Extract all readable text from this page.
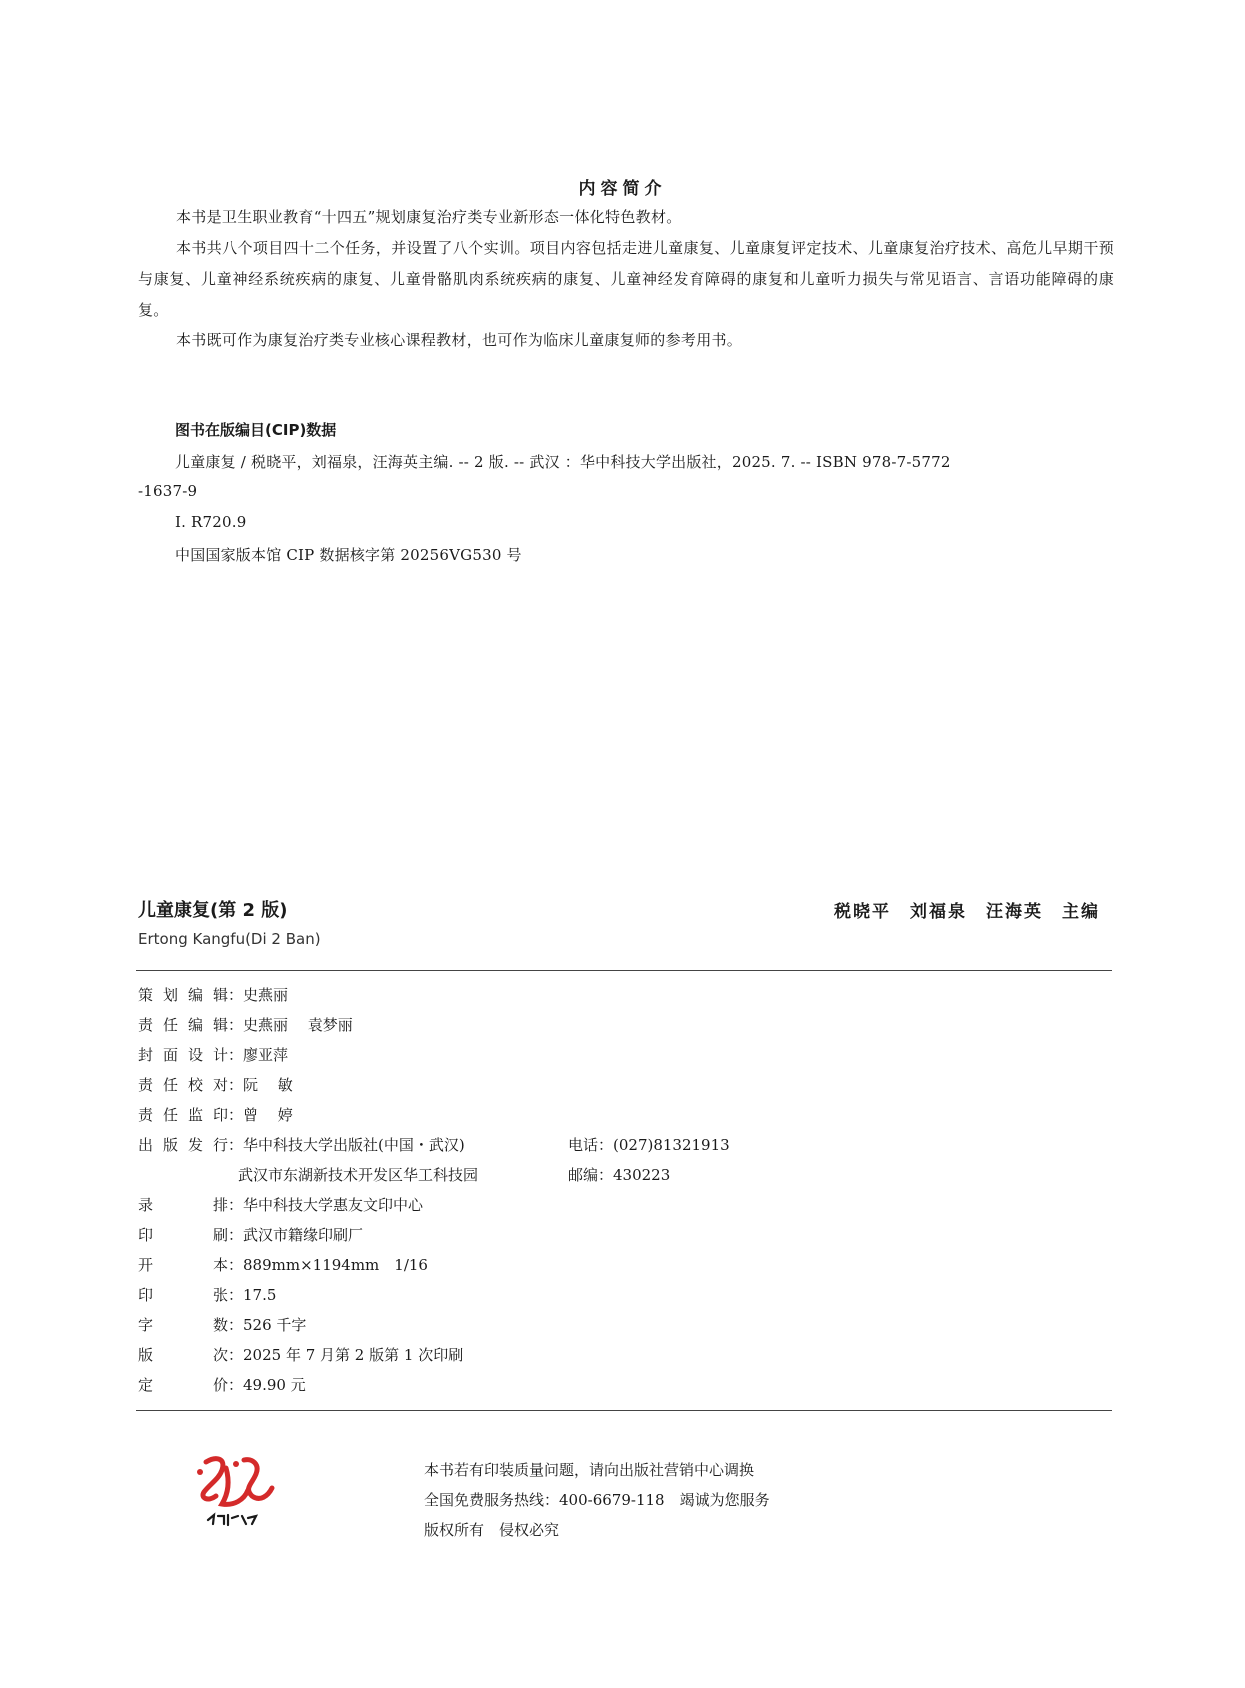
内容简介
本书是卫生职业教育“十四五”规划康复治疗类专业新形态一体化特色教材。
本书共八个项目四十二个任务，并设置了八个实训。项目内容包括走进儿童康复、儿童康复评定技术、儿童康复治疗技术、高危儿早期干预与康复、儿童神经系统疾病的康复、儿童骨骼肌肉系统疾病的康复、儿童神经发育障碍的康复和儿童听力损失与常见语言、言语功能障碍的康复。
本书既可作为康复治疗类专业核心课程教材，也可作为临床儿童康复师的参考用书。
图书在版编目(CIP)数据
儿童康复 / 税晓平，刘福泉，汪海英主编. -- 2 版. -- 武汉 ：华中科技大学出版社，2025. 7. -- ISBN 978-7-5772
-1637-9
Ⅰ. R720.9
中国国家版本馆 CIP 数据核字第 20256VG530 号
儿童康复(第 2 版)
Ertong Kangfu(Di 2 Ban)
税晓平　刘福泉　汪海英　主编
策划编辑：史燕丽
责任编辑：史燕丽　 袁梦丽
封面设计：廖亚萍
责任校对：阮　 敏
责任监印：曾　 婷
出版发行：华中科技大学出版社(中国・武汉)
武汉市东湖新技术开发区华工科技园
电话：(027)81321913
邮编：430223
录　排：华中科技大学惠友文印中心
印　刷：武汉市籍缘印刷厂
开　本：889mm×1194mm　1/16
印　张：17.5
字　数：526 千字
版　次：2025 年 7 月第 2 版第 1 次印刷
定　价：49.90 元
本书若有印装质量问题，请向出版社营销中心调换
全国免费服务热线：400-6679-118　竭诚为您服务
版权所有　侵权必究
